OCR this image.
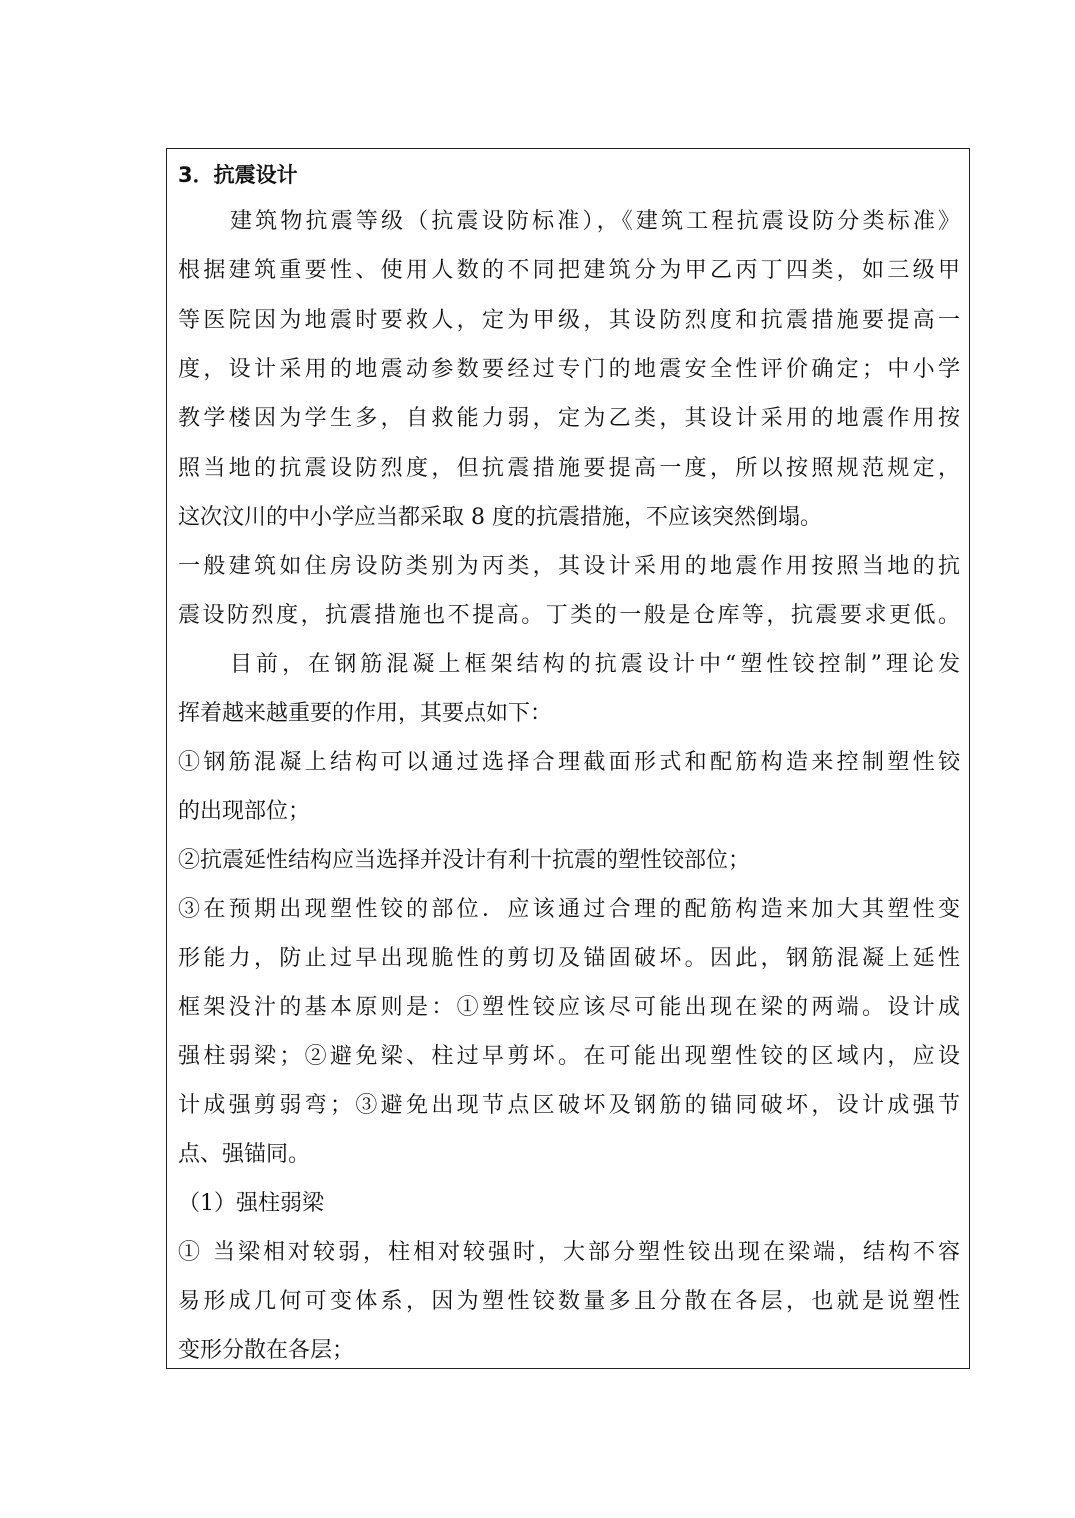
3．抗震设计
建筑物抗震等级（抗震设防标准），《建筑工程抗震设防分类标准》
根据建筑重要性、使用人数的不同把建筑分为甲乙丙丁四类，如三级甲
等医院因为地震时要救人，定为甲级，其设防烈度和抗震措施要提高一
度，设计采用的地震动参数要经过专门的地震安全性评价确定；中小学
教学楼因为学生多，自救能力弱，定为乙类，其设计采用的地震作用按
照当地的抗震设防烈度，但抗震措施要提高一度，所以按照规范规定，
这次汶川的中小学应当都采取 8 度的抗震措施，不应该突然倒塌。
一般建筑如住房设防类别为丙类，其设计采用的地震作用按照当地的抗
震设防烈度，抗震措施也不提高。丁类的一般是仓库等，抗震要求更低。
目前，在钢筋混凝上框架结构的抗震设计中“塑性铰控制”理论发
挥着越来越重要的作用，其要点如下：
①钢筋混凝上结构可以通过选择合理截面形式和配筋构造来控制塑性铰
的出现部位；
②抗震延性结构应当选择并没计有利十抗震的塑性铰部位；
③在预期出现塑性铰的部位．应该通过合理的配筋构造来加大其塑性变
形能力，防止过早出现脆性的剪切及锚固破坏。因此，钢筋混凝上延性
框架没汁的基本原则是：①塑性铰应该尽可能出现在梁的两端。设计成
强柱弱梁；②避免梁、柱过早剪坏。在可能出现塑性铰的区域内，应设
计成强剪弱弯；③避免出现节点区破坏及钢筋的锚同破坏，设计成强节
点、强锚同。
（1）强柱弱梁
① 当梁相对较弱，柱相对较强时，大部分塑性铰出现在梁端，结构不容
易形成几何可变体系，因为塑性铰数量多且分散在各层，也就是说塑性
变形分散在各层；
